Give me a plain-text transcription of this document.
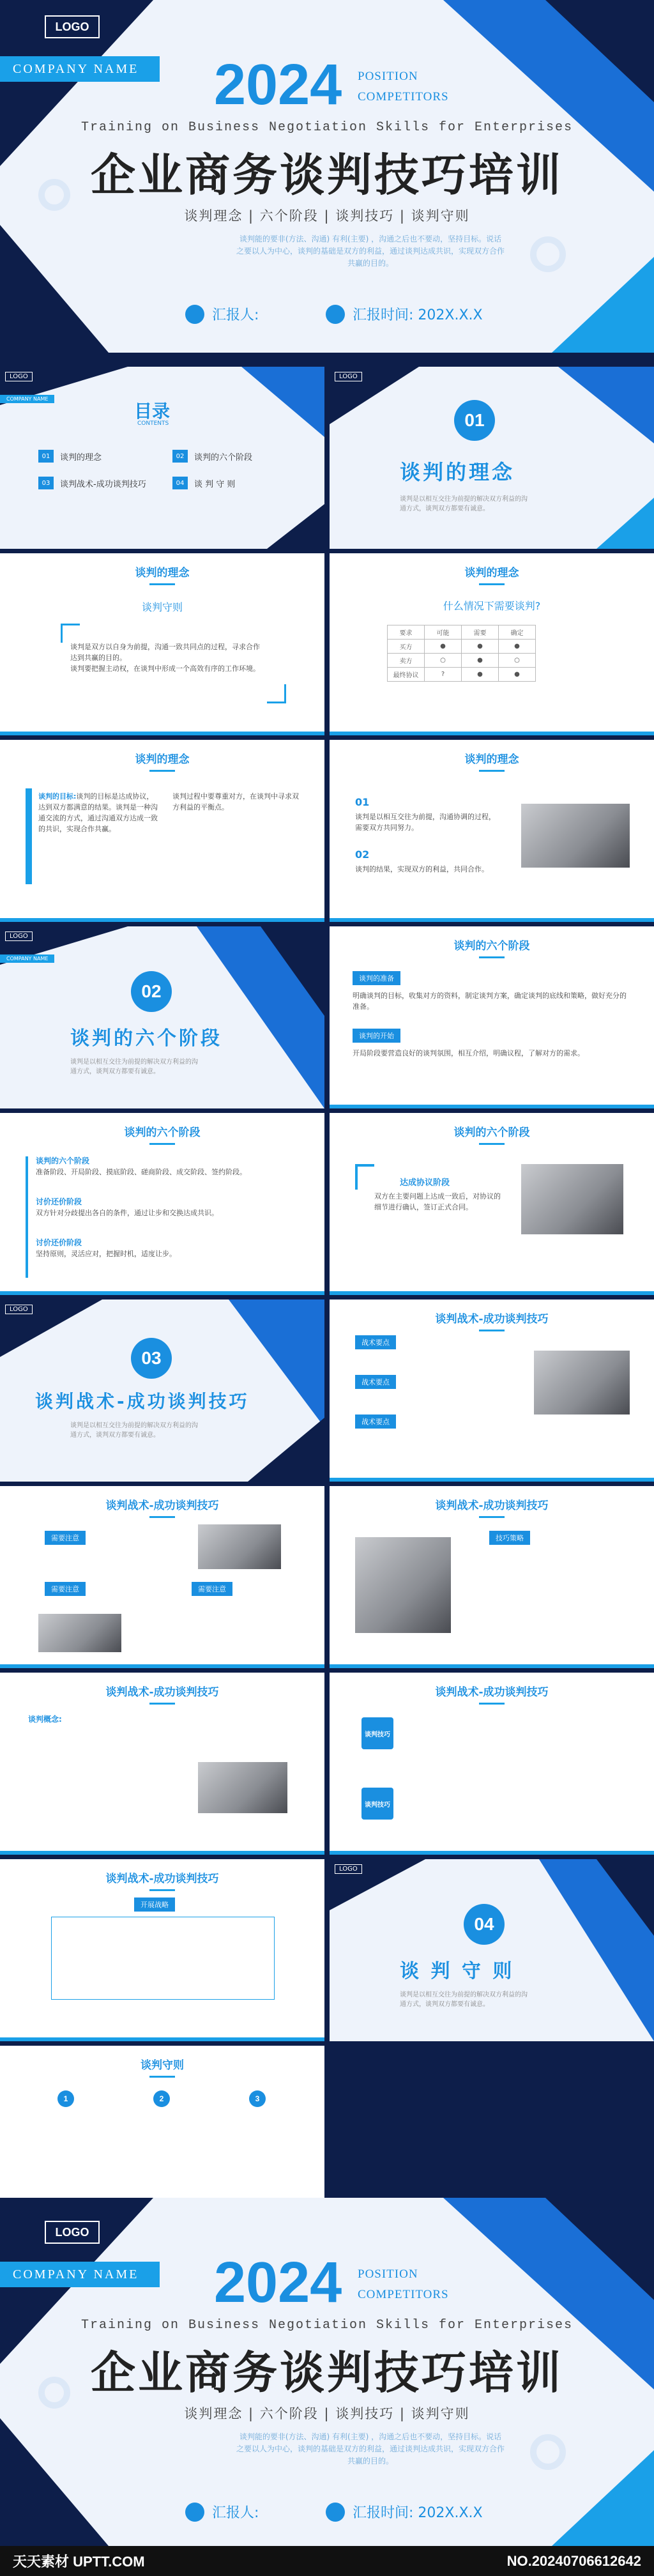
LOGO
COMPANY NAME	2024 POSITION
COMPETITORS
Training on Business Negotiation Skills for Enterprises
企业商务谈判技巧培训
谈判理念 | 六个阶段 | 谈判技巧 | 谈判守则
谈判能的要非(方法、沟通) 有利(主要) ，沟通之后也不要动，坚持目标。说话之要以人为中心，谈判的基础是双方的利益，通过谈判达成共识，实现双方合作共赢的目的。
汇报人:	汇报时间: 202X.X.X
LOGO
COMPANY NAME
目录
CONTENTS
01	谈判的理念	02	谈判的六个阶段
03	谈判战术-成功谈判技巧	04	谈 判 守 则
LOGO
01
谈判的理念
谈判是以相互交往为前提的解决双方利益的沟通方式，谈判双方都要有诚意。
谈判的理念
谈判守则
谈判是双方以自身为前提，沟通一致共同点的过程，寻求合作达到共赢的目的。
谈判要把握主动权，在谈判中形成一个高效有序的工作环境。
谈判的理念
什么情况下需要谈判?
要求	可能	需要	确定
买方	●	●	●
卖方	○	●	○
最终协议	?	●	●
谈判的理念
谈判的目标:谈判的目标是达成协议，达到双方都满意的结果。谈判是一种沟通交流的方式，通过沟通双方达成一致的共识，实现合作共赢。
谈判过程中要尊重对方，在谈判中寻求双方利益的平衡点。
谈判的理念
01
谈判是以相互交往为前提，沟通协调的过程，需要双方共同努力。
02
谈判的结果，实现双方的利益，共同合作。
LOGO
COMPANY NAME
02
谈判的六个阶段
谈判是以相互交往为前提的解决双方利益的沟通方式，谈判双方都要有诚意。
谈判的六个阶段
谈判的准备
明确谈判的目标，收集对方的资料，制定谈判方案，确定谈判的底线和策略，做好充分的准备。
谈判的开始
开局阶段要营造良好的谈判氛围，相互介绍，明确议程，了解对方的需求。
谈判的六个阶段
谈判的六个阶段
准备阶段、开局阶段、摸底阶段、磋商阶段、成交阶段、签约阶段。
讨价还价阶段
双方针对分歧提出各自的条件，通过让步和交换达成共识。
讨价还价阶段
坚持原则，灵活应对，把握时机，适度让步。
谈判的六个阶段
达成协议阶段
双方在主要问题上达成一致后，对协议的细节进行确认，签订正式合同。
LOGO
03
谈判战术-成功谈判技巧
谈判是以相互交往为前提的解决双方利益的沟通方式，谈判双方都要有诚意。
谈判战术-成功谈判技巧
战术要点
战术要点
战术要点
谈判战术-成功谈判技巧
需要注意
需要注意	需要注意
谈判战术-成功谈判技巧
技巧策略
谈判战术-成功谈判技巧
谈判概念:
谈判战术-成功谈判技巧
谈判技巧
谈判技巧
谈判战术-成功谈判技巧
开展战略
LOGO
04
谈 判 守 则
谈判是以相互交往为前提的解决双方利益的沟通方式，谈判双方都要有诚意。
谈判守则
1	2	3
LOGO
COMPANY NAME	2024 POSITION
COMPETITORS
Training on Business Negotiation Skills for Enterprises
企业商务谈判技巧培训
谈判理念 | 六个阶段 | 谈判技巧 | 谈判守则
谈判能的要非(方法、沟通) 有利(主要) ，沟通之后也不要动，坚持目标。说话之要以人为中心，谈判的基础是双方的利益，通过谈判达成共识，实现双方合作共赢的目的。
汇报人:	汇报时间: 202X.X.X
天天素材 UPTT.COM	NO.20240706612642
